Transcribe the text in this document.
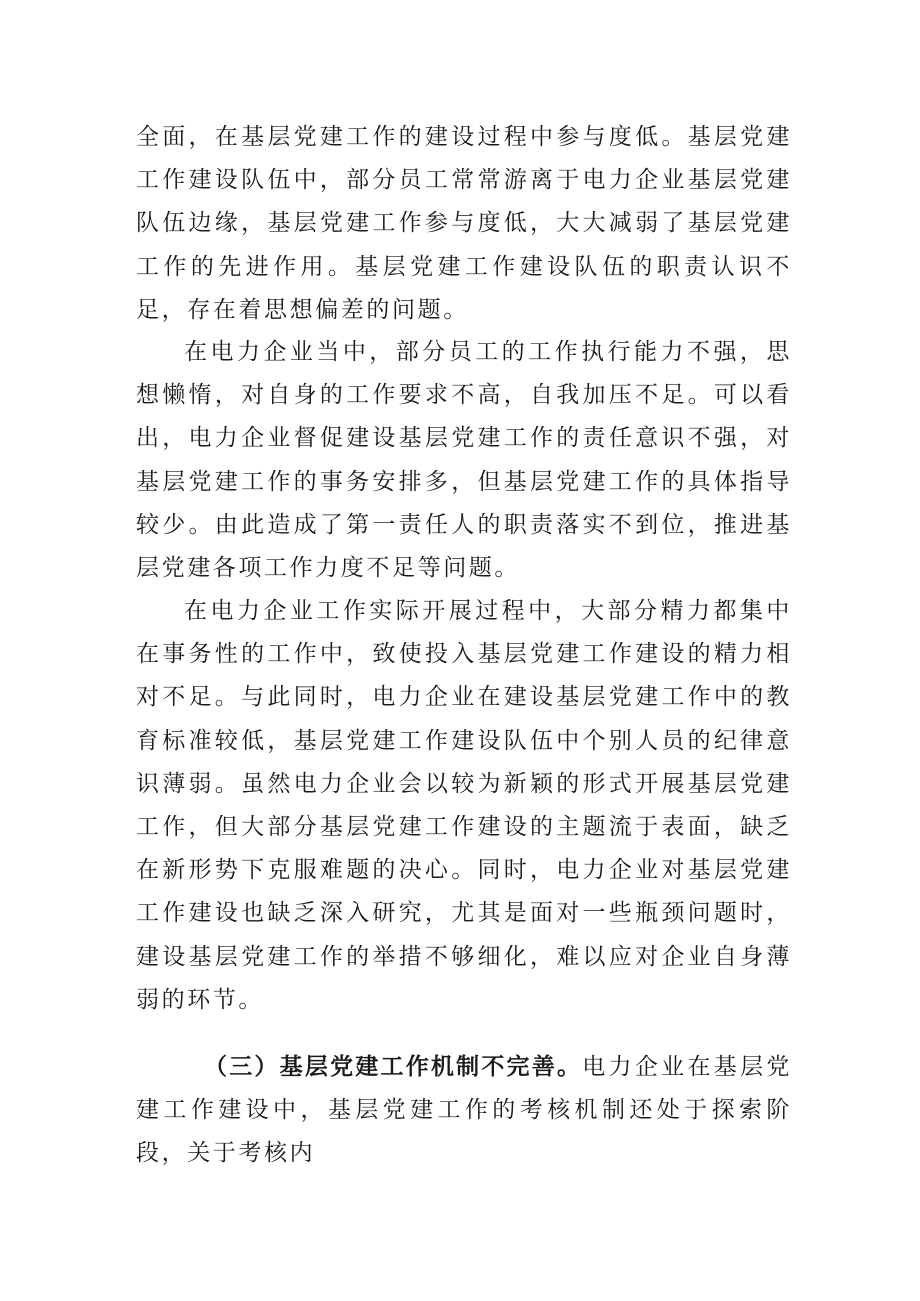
全面，在基层党建工作的建设过程中参与度低。基层党建工作建设队伍中，部分员工常常游离于电力企业基层党建队伍边缘，基层党建工作参与度低，大大减弱了基层党建工作的先进作用。基层党建工作建设队伍的职责认识不足，存在着思想偏差的问题。

在电力企业当中，部分员工的工作执行能力不强，思想懒惰，对自身的工作要求不高，自我加压不足。可以看出，电力企业督促建设基层党建工作的责任意识不强，对基层党建工作的事务安排多，但基层党建工作的具体指导较少。由此造成了第一责任人的职责落实不到位，推进基层党建各项工作力度不足等问题。

在电力企业工作实际开展过程中，大部分精力都集中在事务性的工作中，致使投入基层党建工作建设的精力相对不足。与此同时，电力企业在建设基层党建工作中的教育标准较低，基层党建工作建设队伍中个别人员的纪律意识薄弱。虽然电力企业会以较为新颖的形式开展基层党建工作，但大部分基层党建工作建设的主题流于表面，缺乏在新形势下克服难题的决心。同时，电力企业对基层党建工作建设也缺乏深入研究，尤其是面对一些瓶颈问题时，建设基层党建工作的举措不够细化，难以应对企业自身薄弱的环节。

（三）基层党建工作机制不完善。电力企业在基层党建工作建设中，基层党建工作的考核机制还处于探索阶段，关于考核内
